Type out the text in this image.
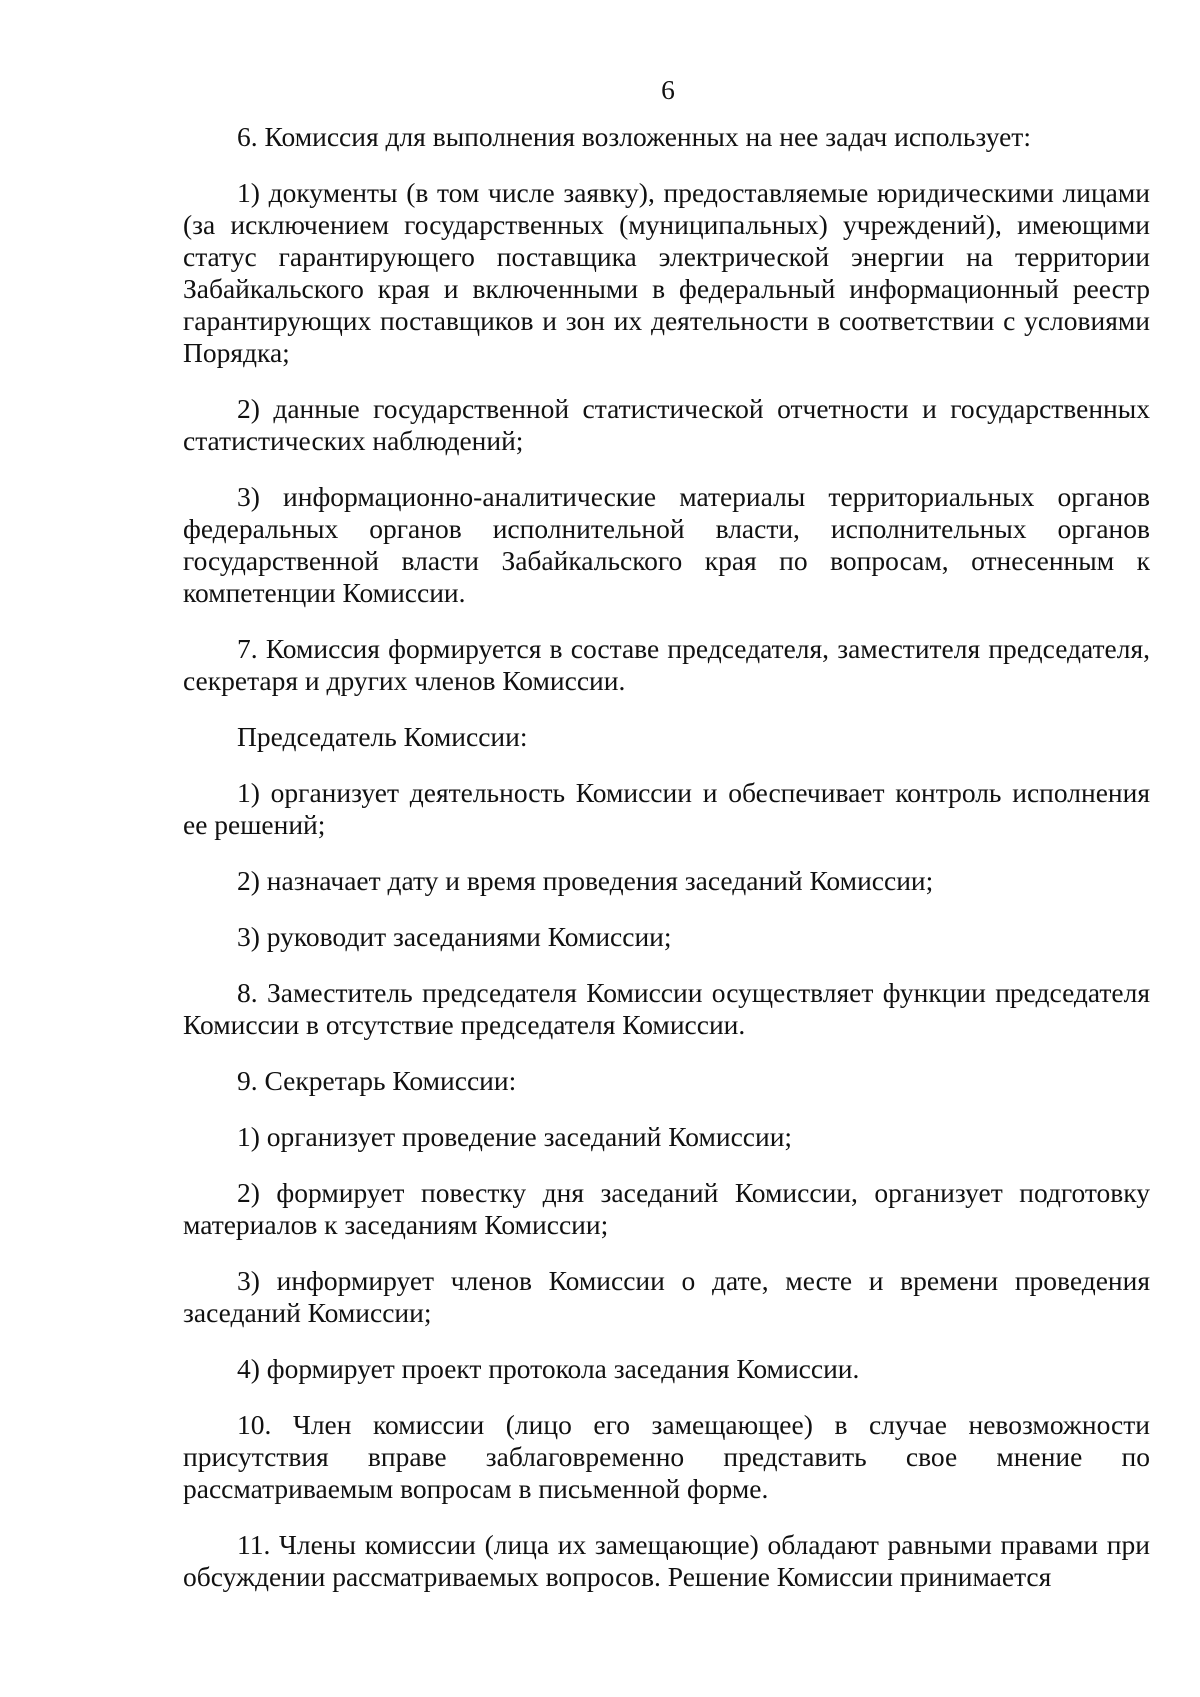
6

6. Комиссия для выполнения возложенных на нее задач использует:

1) документы (в том числе заявку), предоставляемые юридическими лицами (за исключением государственных (муниципальных) учреждений), имеющими статус гарантирующего поставщика электрической энергии на территории Забайкальского края и включенными в федеральный информационный реестр гарантирующих поставщиков и зон их деятельности в соответствии с условиями Порядка;

2) данные государственной статистической отчетности и государственных статистических наблюдений;

3) информационно-аналитические материалы территориальных органов федеральных органов исполнительной власти, исполнительных органов государственной власти Забайкальского края по вопросам, отнесенным к компетенции Комиссии.

7. Комиссия формируется в составе председателя, заместителя председателя, секретаря и других членов Комиссии.

Председатель Комиссии:

1) организует деятельность Комиссии и обеспечивает контроль исполнения ее решений;

2) назначает дату и время проведения заседаний Комиссии;

3) руководит заседаниями Комиссии;

8. Заместитель председателя Комиссии осуществляет функции председателя Комиссии в отсутствие председателя Комиссии.

9. Секретарь Комиссии:

1) организует проведение заседаний Комиссии;

2) формирует повестку дня заседаний Комиссии, организует подготовку материалов к заседаниям Комиссии;

3) информирует членов Комиссии о дате, месте и времени проведения заседаний Комиссии;

4) формирует проект протокола заседания Комиссии.

10. Член комиссии (лицо его замещающее) в случае невозможности присутствия вправе заблаговременно представить свое мнение по рассматриваемым вопросам в письменной форме.

11. Члены комиссии (лица их замещающие) обладают равными правами при обсуждении рассматриваемых вопросов. Решение Комиссии принимается
